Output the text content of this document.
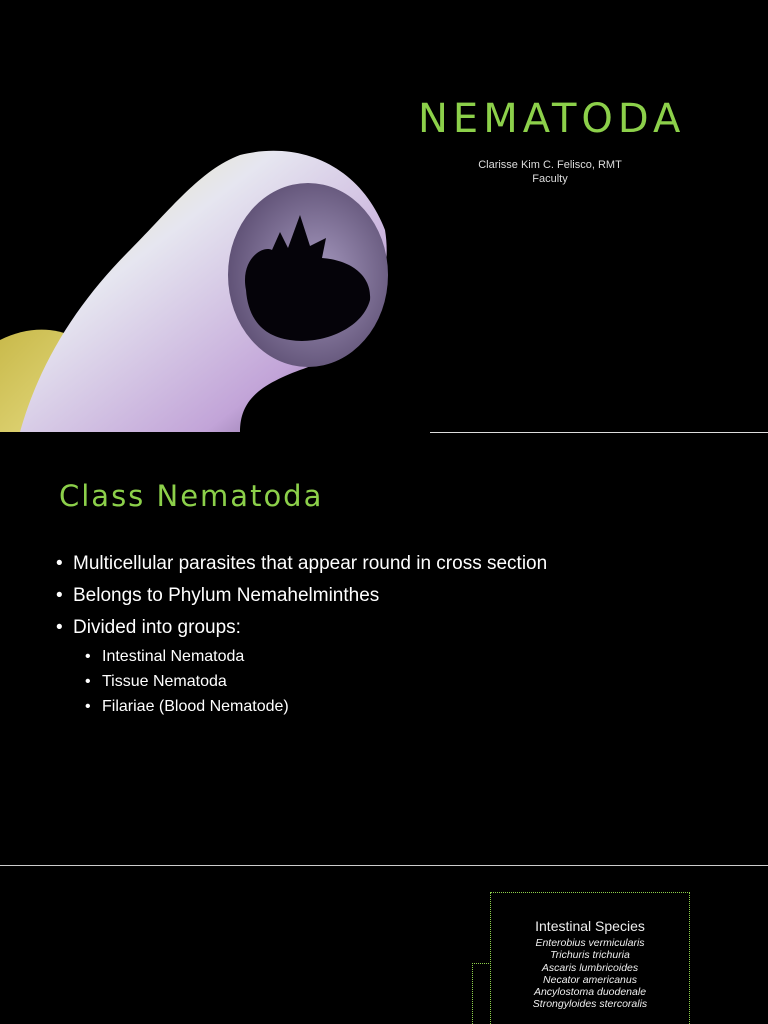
NEMATODA
Clarisse Kim C. Felisco, RMT
Faculty
Class Nematoda
• Multicellular parasites that appear round in cross section
• Belongs to Phylum Nemahelminthes
• Divided into groups:
• Intestinal Nematoda
• Tissue Nematoda
• Filariae (Blood Nematode)
Intestinal Species
Enterobius vermicularis
Trichuris trichuria
Ascaris lumbricoides
Necator americanus
Ancylostoma duodenale
Strongyloides stercoralis
